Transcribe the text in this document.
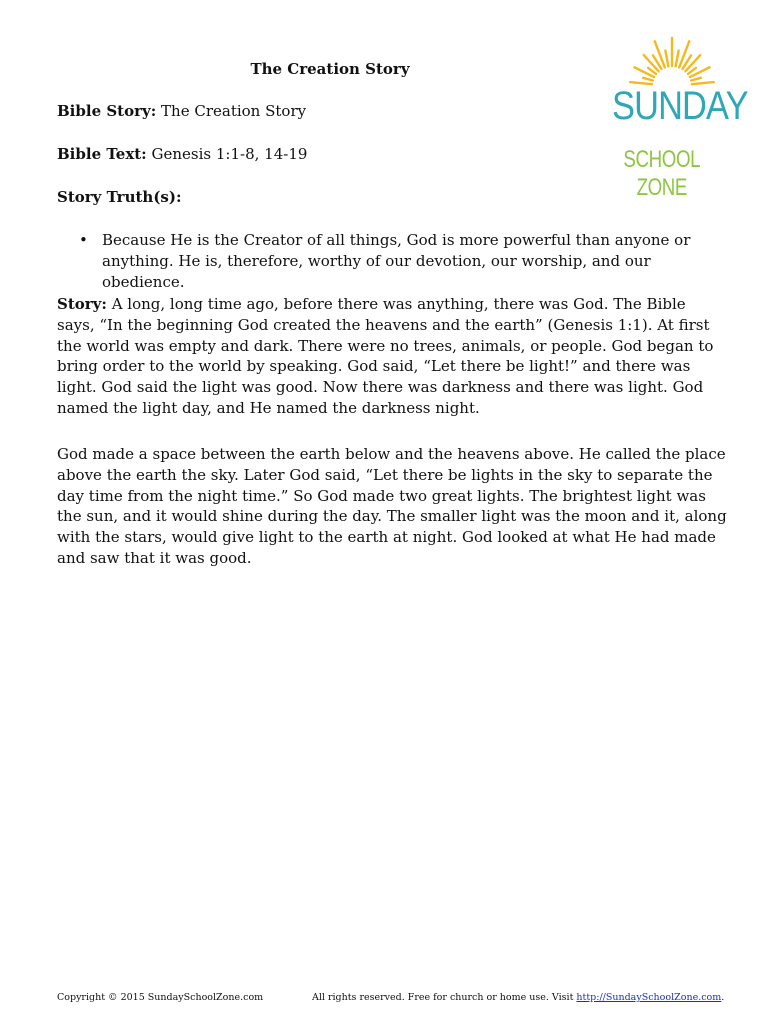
The Creation Story
Bible Story: The Creation Story
Bible Text: Genesis 1:1-8, 14-19
Story Truth(s):
• Because He is the Creator of all things, God is more powerful than anyone or anything. He is, therefore, worthy of our devotion, our worship, and our obedience.

Story: A long, long time ago, before there was anything, there was God. The Bible says, “In the beginning God created the heavens and the earth” (Genesis 1:1). At first the world was empty and dark. There were no trees, animals, or people. God began to bring order to the world by speaking. God said, “Let there be light!” and there was light. God said the light was good. Now there was darkness and there was light. God named the light day, and He named the darkness night.

God made a space between the earth below and the heavens above. He called the place above the earth the sky. Later God said, “Let there be lights in the sky to separate the day time from the night time.” So God made two great lights. The brightest light was the sun, and it would shine during the day. The smaller light was the moon and it, along with the stars, would give light to the earth at night. God looked at what He had made and saw that it was good.

SUNDAY
SCHOOL ZONE
Copyright © 2015 SundaySchoolZone.com	All rights reserved. Free for church or home use. Visit http://SundaySchoolZone.com.
